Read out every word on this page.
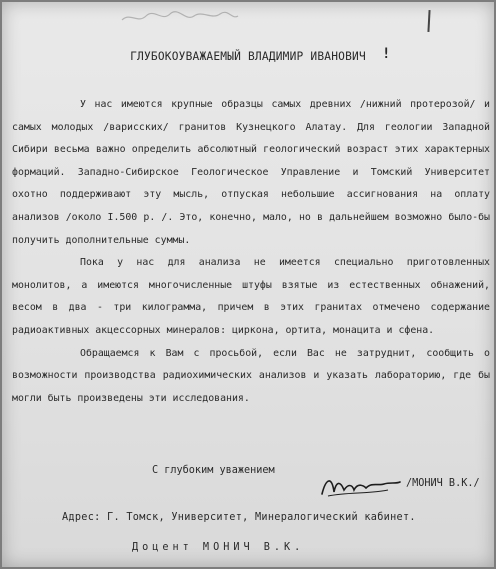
ГЛУБОКОУВАЖАЕМЫЙ ВЛАДИМИР ИВАНОВИЧ	!

У нас имеются крупные образцы самых древних /нижний протерозой/ и самых молодых /варисских/ гранитов Кузнецкого Алатау. Для геологии Западной Сибири весьма важно определить абсолютный геологический возраст этих характерных формаций. Западно-Сибирское Геологическое Управление и Томский Университет охотно поддерживают эту мысль, отпуская небольшие ассигнования на оплату анализов /около I.500 р. /. Это, конечно, мало, но в дальнейшем возможно было-бы получить дополнительные суммы.

Пока у нас для анализа не имеется специально приготовленных монолитов, а имеются многочисленные штуфы взятые из естественных обнажений, весом в два - три килограмма, причем в этих гранитах отмечено содержание радиоактивных акцессорных минералов: циркона, ортита, монацита и сфена.

Обращаемся к Вам с просьбой, если Вас не затруднит, сообщить о возможности производства радиохимических анализов и указать лабораторию, где бы могли быть произведены эти исследования.

С глубоким уважением
/МОНИЧ В.К./
Адрес: Г. Томск, Университет, Минералогический кабинет.
Доцент МОНИЧ В.К.
